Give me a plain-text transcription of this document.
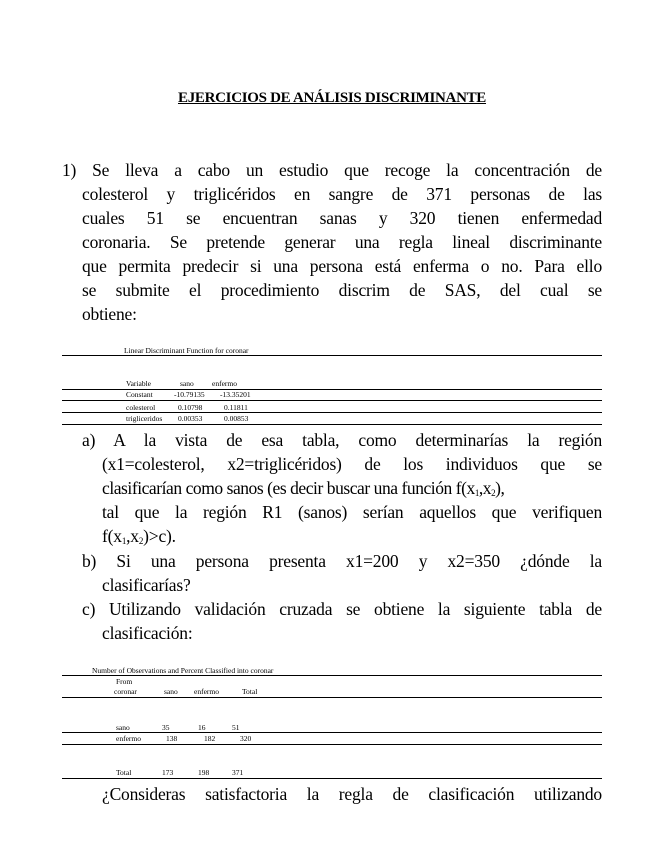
EJERCICIOS DE ANÁLISIS DISCRIMINANTE
1) Se lleva a cabo un estudio que recoge la concentración de
colesterol y triglicéridos en sangre de 371 personas de las
cuales 51 se encuentran sanas y 320 tienen enfermedad
coronaria. Se pretende generar una regla lineal discriminante
que permita predecir si una persona está enferma o no. Para ello
se submite el procedimiento discrim de SAS, del cual se
obtiene:
Linear Discriminant Function for coronar
Variable	sano enfermo
Constant	-10.79135 -13.35201
colesterol	0.10798	0.11811
trigliceridos 0.00353	0.00853
a) A la vista de esa tabla, como determinarías la región
(x1=colesterol, x2=triglicéridos) de los individuos que se
clasificarían como sanos (es decir buscar una función $f(x_1,x_2)$,
tal que la región R1 (sanos) serían aquellos que verifiquen
$f(x_1,x_2)>c$).
b) Si una persona presenta x1=200 y x2=350 ¿dónde la
clasificarías?
c) Utilizando validación cruzada se obtiene la siguiente tabla de
clasificación:
Number of Observations and Percent Classified into coronar
From
coronar	sano enfermo	Total
sano	35	16	51
enfermo	138	182	320
Total	173	198	371
¿Consideras satisfactoria la regla de clasificación utilizando
